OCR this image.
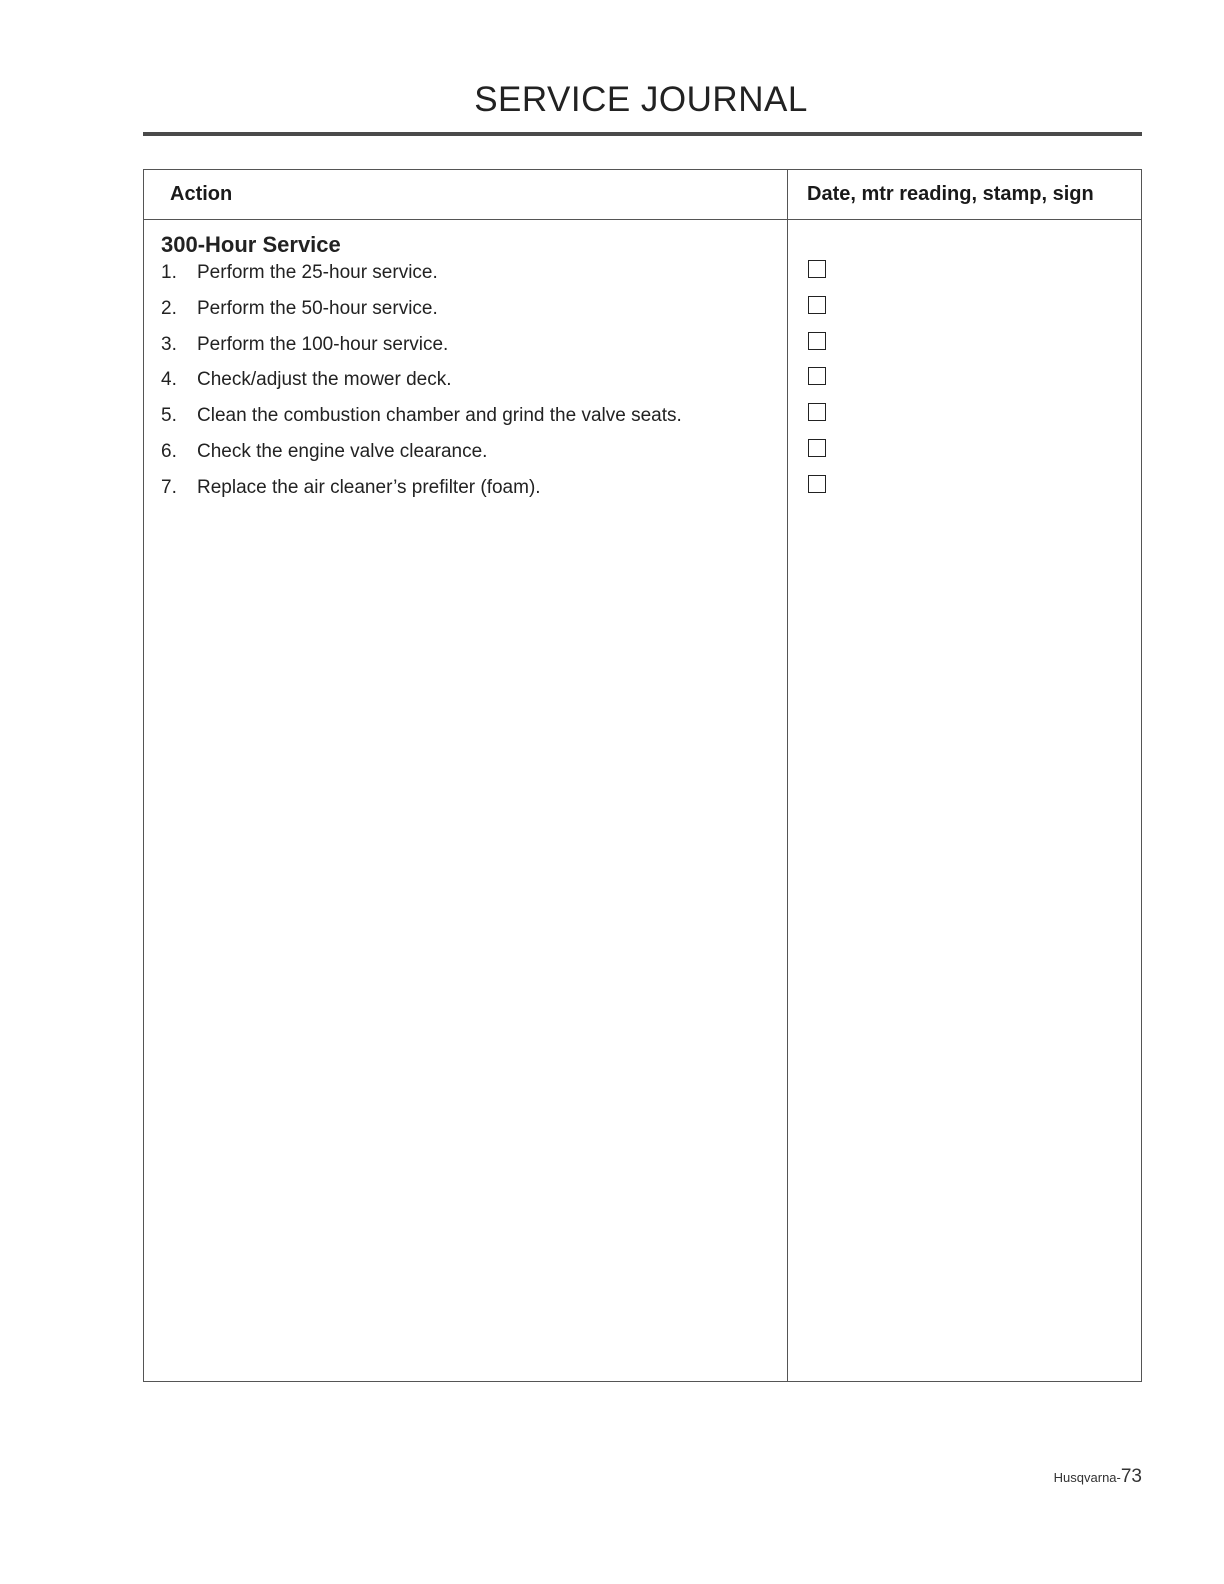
SERVICE JOURNAL
Action	Date, mtr reading, stamp, sign
300-Hour Service
1. Perform the 25-hour service.
2. Perform the 50-hour service.
3. Perform the 100-hour service.
4. Check/adjust the mower deck.
5. Clean the combustion chamber and grind the valve seats.
6. Check the engine valve clearance.
7. Replace the air cleaner’s prefilter (foam).
Husqvarna-73
